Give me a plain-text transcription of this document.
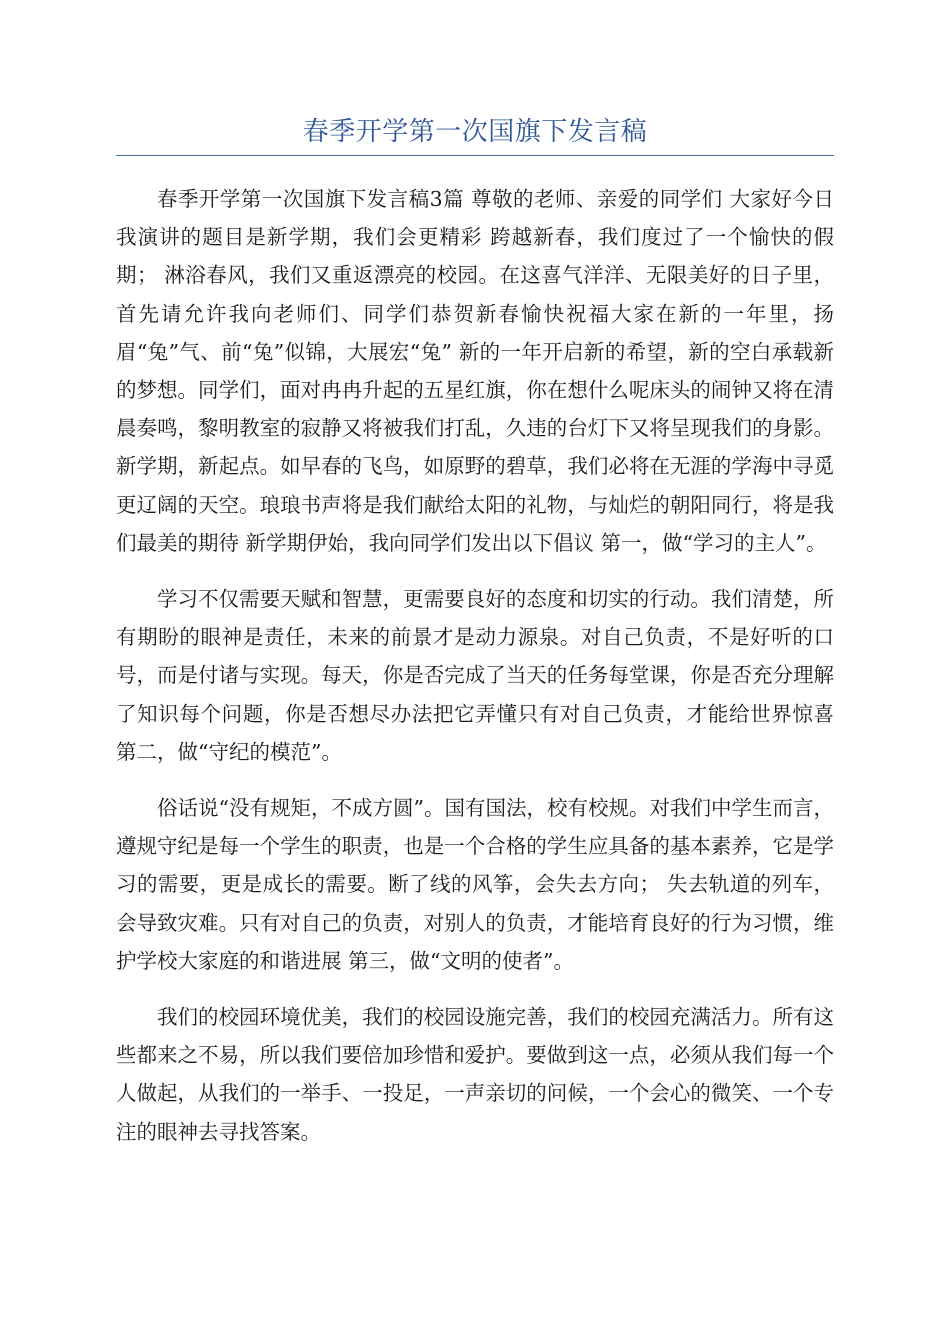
春季开学第一次国旗下发言稿

春季开学第一次国旗下发言稿3篇 尊敬的老师、亲爱的同学们 大家好今日我演讲的题目是新学期，我们会更精彩 跨越新春，我们度过了一个愉快的假期； 淋浴春风，我们又重返漂亮的校园。在这喜气洋洋、无限美好的日子里，首先请允许我向老师们、同学们恭贺新春愉快祝福大家在新的一年里，扬眉“兔”气、前“兔”似锦，大展宏“兔” 新的一年开启新的希望，新的空白承载新的梦想。同学们，面对冉冉升起的五星红旗，你在想什么呢床头的闹钟又将在清晨奏鸣，黎明教室的寂静又将被我们打乱，久违的台灯下又将呈现我们的身影。新学期，新起点。如早春的飞鸟，如原野的碧草，我们必将在无涯的学海中寻觅更辽阔的天空。琅琅书声将是我们献给太阳的礼物，与灿烂的朝阳同行，将是我们最美的期待 新学期伊始，我向同学们发出以下倡议 第一，做“学习的主人”。

学习不仅需要天赋和智慧，更需要良好的态度和切实的行动。我们清楚，所有期盼的眼神是责任，未来的前景才是动力源泉。对自己负责，不是好听的口号，而是付诸与实现。每天，你是否完成了当天的任务每堂课，你是否充分理解了知识每个问题，你是否想尽办法把它弄懂只有对自己负责，才能给世界惊喜 第二，做“守纪的模范”。

俗话说“没有规矩，不成方圆”。国有国法，校有校规。对我们中学生而言，遵规守纪是每一个学生的职责，也是一个合格的学生应具备的基本素养，它是学习的需要，更是成长的需要。断了线的风筝，会失去方向； 失去轨道的列车，会导致灾难。只有对自己的负责，对别人的负责，才能培育良好的行为习惯，维护学校大家庭的和谐进展 第三，做“文明的使者”。

我们的校园环境优美，我们的校园设施完善，我们的校园充满活力。所有这些都来之不易，所以我们要倍加珍惜和爱护。要做到这一点，必须从我们每一个人做起，从我们的一举手、一投足，一声亲切的问候，一个会心的微笑、一个专注的眼神去寻找答案。
